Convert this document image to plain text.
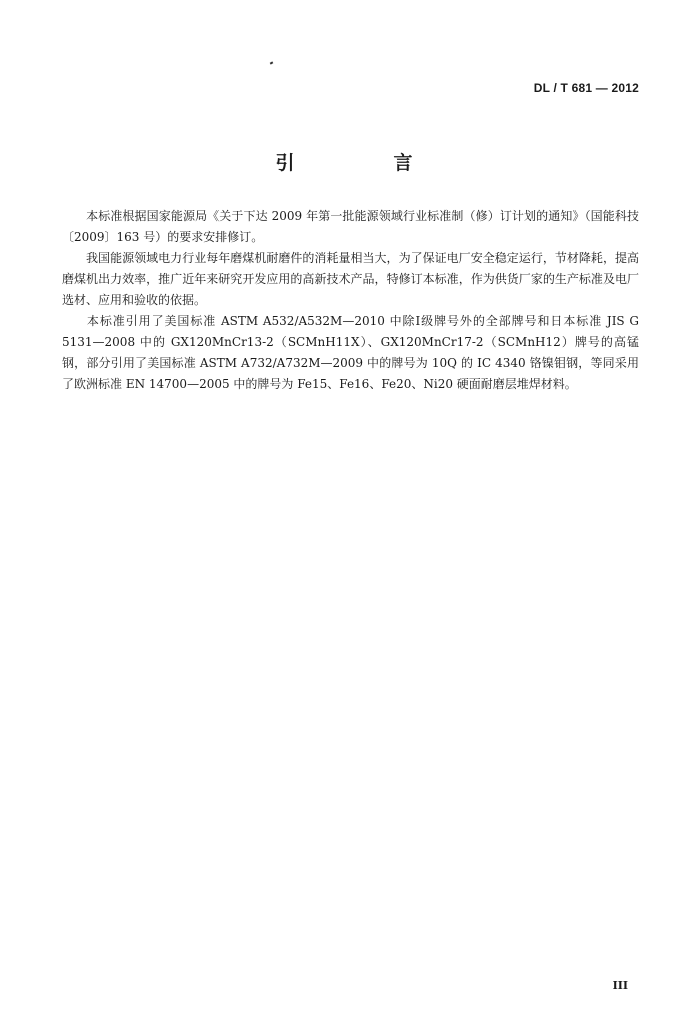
DL / T 681 — 2012
引　言

本标准根据国家能源局《关于下达 2009 年第一批能源领域行业标准制（修）订计划的通知》（国能科技〔2009〕163 号）的要求安排修订。

我国能源领域电力行业每年磨煤机耐磨件的消耗量相当大，为了保证电厂安全稳定运行，节材降耗，提高磨煤机出力效率，推广近年来研究开发应用的高新技术产品，特修订本标准，作为供货厂家的生产标准及电厂选材、应用和验收的依据。

本标准引用了美国标准 ASTM A532/A532M—2010 中除Ⅰ级牌号外的全部牌号和日本标准 JIS G 5131—2008 中的 GX120MnCr13-2（SCMnH11X）、GX120MnCr17-2（SCMnH12）牌号的高锰钢，部分引用了美国标准 ASTM A732/A732M—2009 中的牌号为 10Q 的 IC 4340 铬镍钼钢，等同采用了欧洲标准 EN 14700—2005 中的牌号为 Fe15、Fe16、Fe20、Ni20 硬面耐磨层堆焊材料。

III
